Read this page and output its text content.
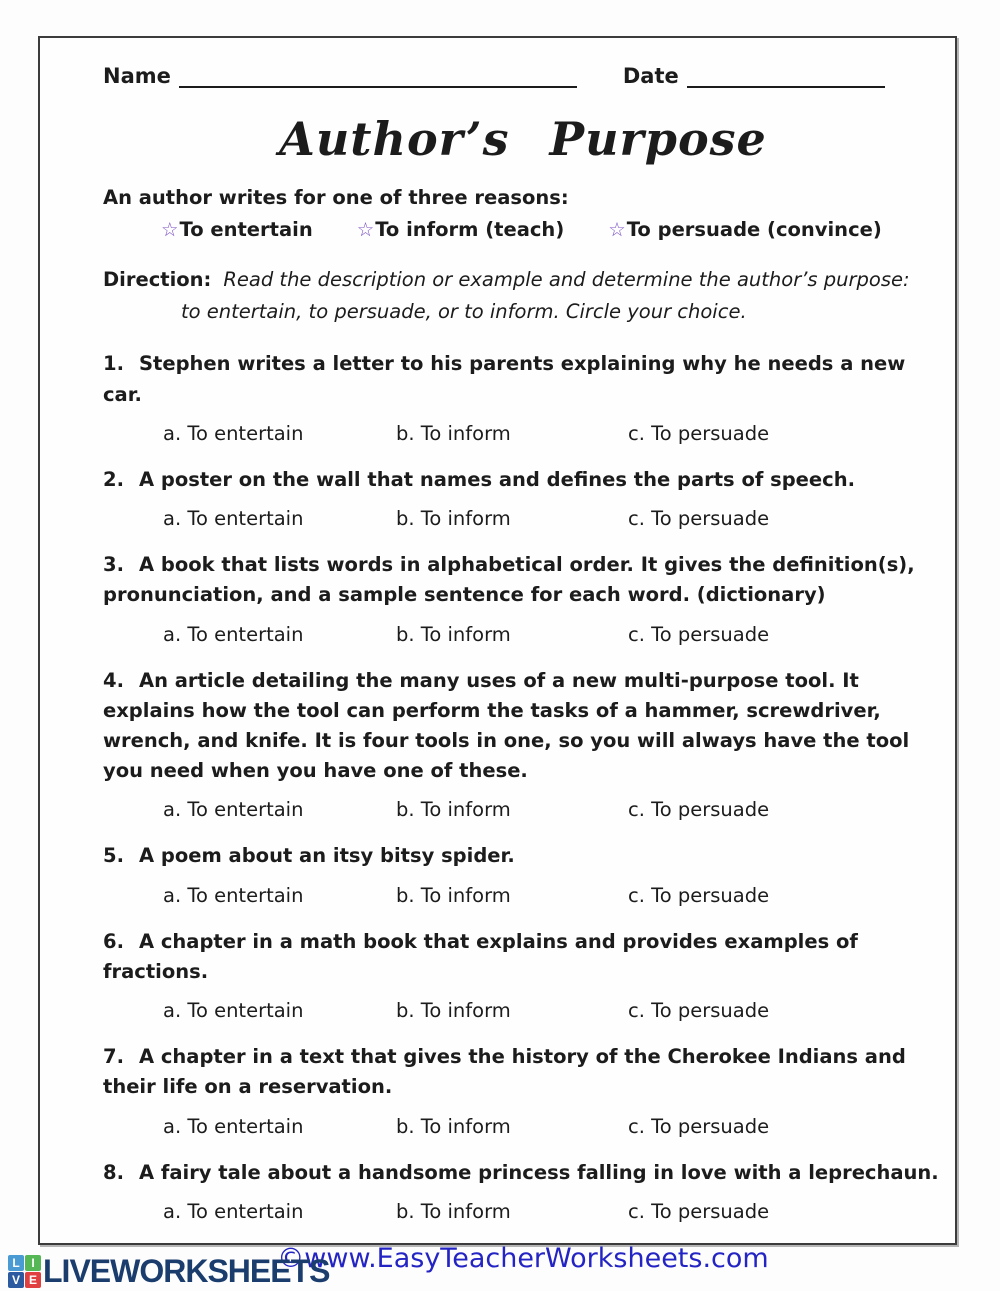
Name	Date
Author’s Purpose
An author writes for one of three reasons:
☆To entertain ☆To inform (teach) ☆To persuade (convince)
Direction: Read the description or example and determine the author’s purpose:
to entertain, to persuade, or to inform. Circle your choice.

1. Stephen writes a letter to his parents explaining why he needs a new car.

a. To entertain	b. To inform	c. To persuade

2. A poster on the wall that names and defines the parts of speech.

a. To entertain	b. To inform	c. To persuade

3. A book that lists words in alphabetical order. It gives the definition(s), pronunciation, and a sample sentence for each word. (dictionary)

a. To entertain	b. To inform	c. To persuade

4. An article detailing the many uses of a new multi-purpose tool. It explains how the tool can perform the tasks of a hammer, screwdriver, wrench, and knife. It is four tools in one, so you will always have the tool you need when you have one of these.

a. To entertain	b. To inform	c. To persuade

5. A poem about an itsy bitsy spider.

a. To entertain	b. To inform	c. To persuade

6. A chapter in a math book that explains and provides examples of fractions.

a. To entertain	b. To inform	c. To persuade

7. A chapter in a text that gives the history of the Cherokee Indians and their life on a reservation.

a. To entertain	b. To inform	c. To persuade

8. A fairy tale about a handsome princess falling in love with a leprechaun.

a. To entertain	b. To inform	c. To persuade
©www.EasyTeacherWorksheets.com
L I
V E LIVEWORKSHEETS
